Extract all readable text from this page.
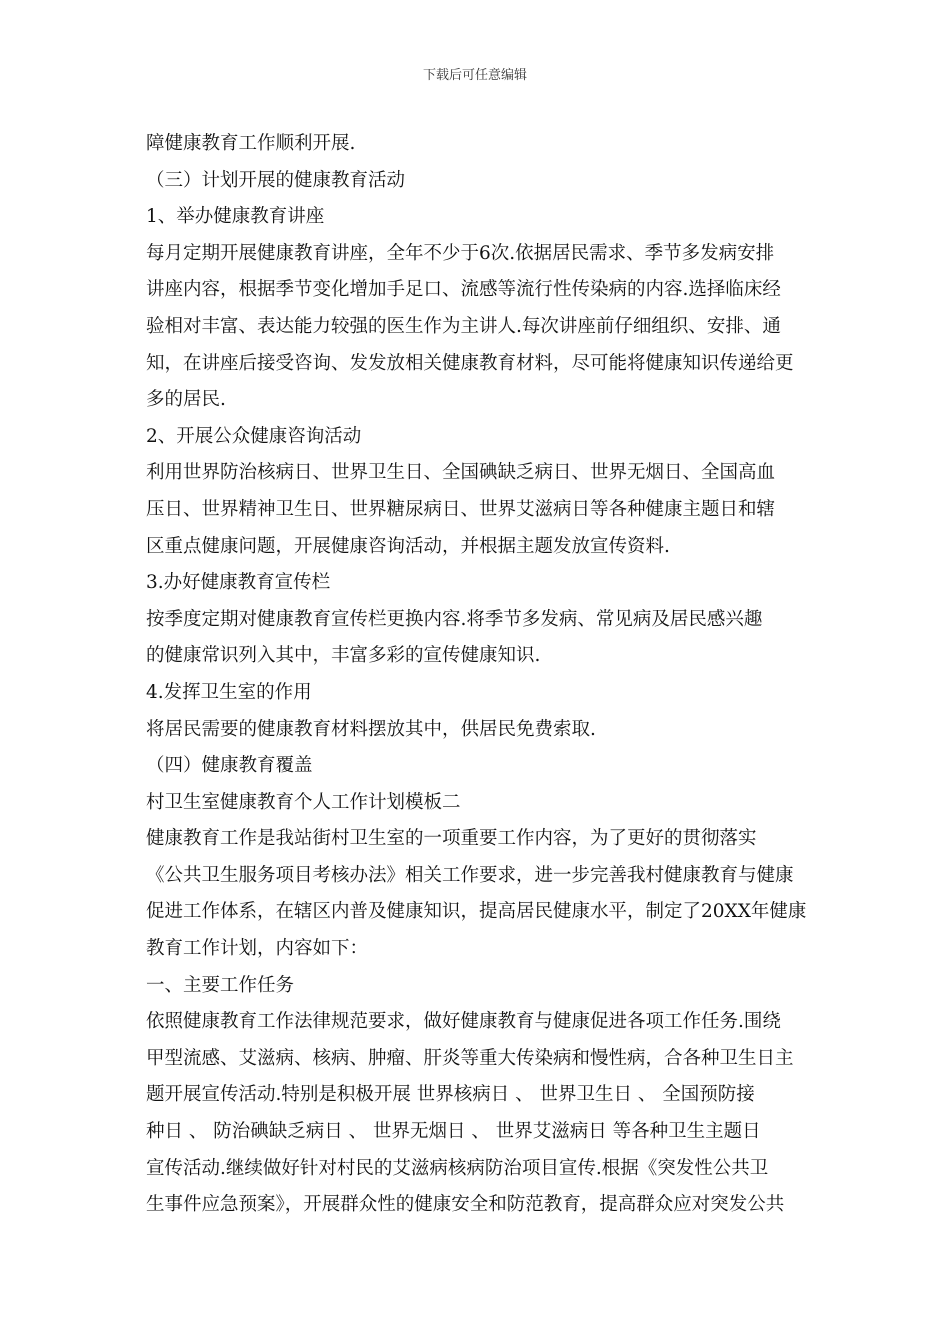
下载后可任意编辑
障健康教育工作顺利开展.
（三）计划开展的健康教育活动
1、举办健康教育讲座
每月定期开展健康教育讲座，全年不少于6次.依据居民需求、季节多发病安排
讲座内容，根据季节变化增加手足口、流感等流行性传染病的内容.选择临床经
验相对丰富、表达能力较强的医生作为主讲人.每次讲座前仔细组织、安排、通
知，在讲座后接受咨询、发发放相关健康教育材料，尽可能将健康知识传递给更
多的居民.
2、开展公众健康咨询活动
利用世界防治核病日、世界卫生日、全国碘缺乏病日、世界无烟日、全国高血
压日、世界精神卫生日、世界糖尿病日、世界艾滋病日等各种健康主题日和辖
区重点健康问题，开展健康咨询活动，并根据主题发放宣传资料.
3.办好健康教育宣传栏
按季度定期对健康教育宣传栏更换内容.将季节多发病、常见病及居民感兴趣
的健康常识列入其中，丰富多彩的宣传健康知识.
4.发挥卫生室的作用
将居民需要的健康教育材料摆放其中，供居民免费索取.
（四）健康教育覆盖
村卫生室健康教育个人工作计划模板二
健康教育工作是我站街村卫生室的一项重要工作内容，为了更好的贯彻落实
《公共卫生服务项目考核办法》相关工作要求，进一步完善我村健康教育与健康
促进工作体系，在辖区内普及健康知识，提高居民健康水平，制定了20XX年健康
教育工作计划，内容如下：
一、主要工作任务
依照健康教育工作法律规范要求，做好健康教育与健康促进各项工作任务.围绕
甲型流感、艾滋病、核病、肿瘤、肝炎等重大传染病和慢性病，合各种卫生日主
题开展宣传活动.特别是积极开展 世界核病日 、 世界卫生日 、 全国预防接
种日 、 防治碘缺乏病日 、 世界无烟日 、 世界艾滋病日 等各种卫生主题日
宣传活动.继续做好针对村民的艾滋病核病防治项目宣传.根据《突发性公共卫
生事件应急预案》，开展群众性的健康安全和防范教育，提高群众应对突发公共
